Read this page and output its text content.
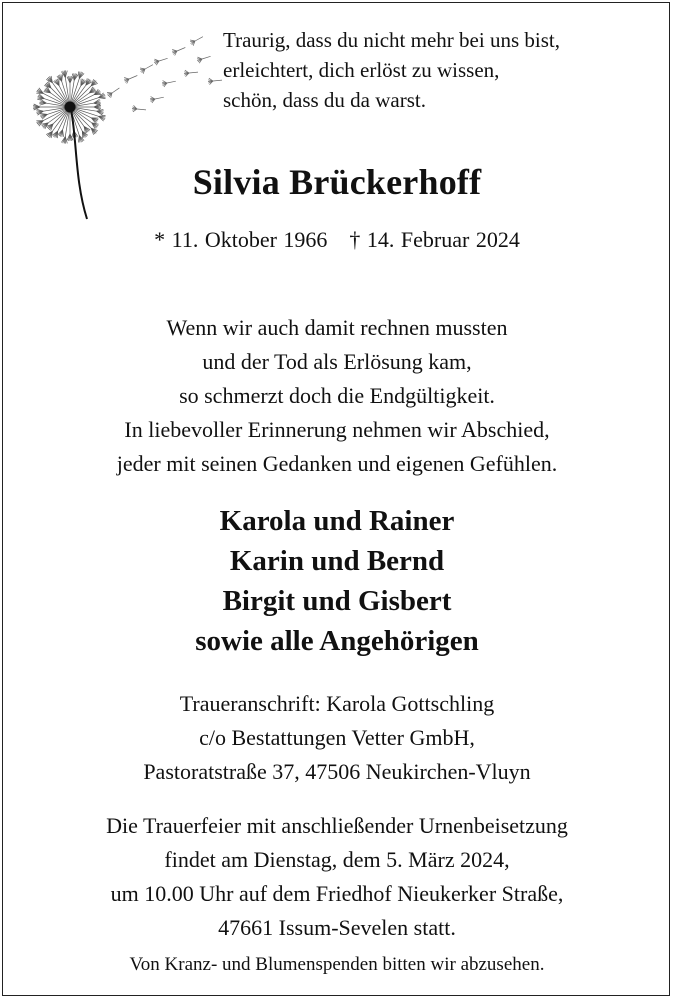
Traurig, dass du nicht mehr bei uns bist,
erleichtert, dich erlöst zu wissen,
schön, dass du da warst.
Silvia Brückerhoff
* 11. Oktober 1966 † 14. Februar 2024
Wenn wir auch damit rechnen mussten
und der Tod als Erlösung kam,
so schmerzt doch die Endgültigkeit.
In liebevoller Erinnerung nehmen wir Abschied,
jeder mit seinen Gedanken und eigenen Gefühlen.
Karola und Rainer
Karin und Bernd
Birgit und Gisbert
sowie alle Angehörigen
Traueranschrift: Karola Gottschling
c/o Bestattungen Vetter GmbH,
Pastoratstraße 37, 47506 Neukirchen-Vluyn
Die Trauerfeier mit anschließender Urnenbeisetzung
findet am Dienstag, dem 5. März 2024,
um 10.00 Uhr auf dem Friedhof Nieukerker Straße,
47661 Issum-Sevelen statt.
Von Kranz- und Blumenspenden bitten wir abzusehen.
